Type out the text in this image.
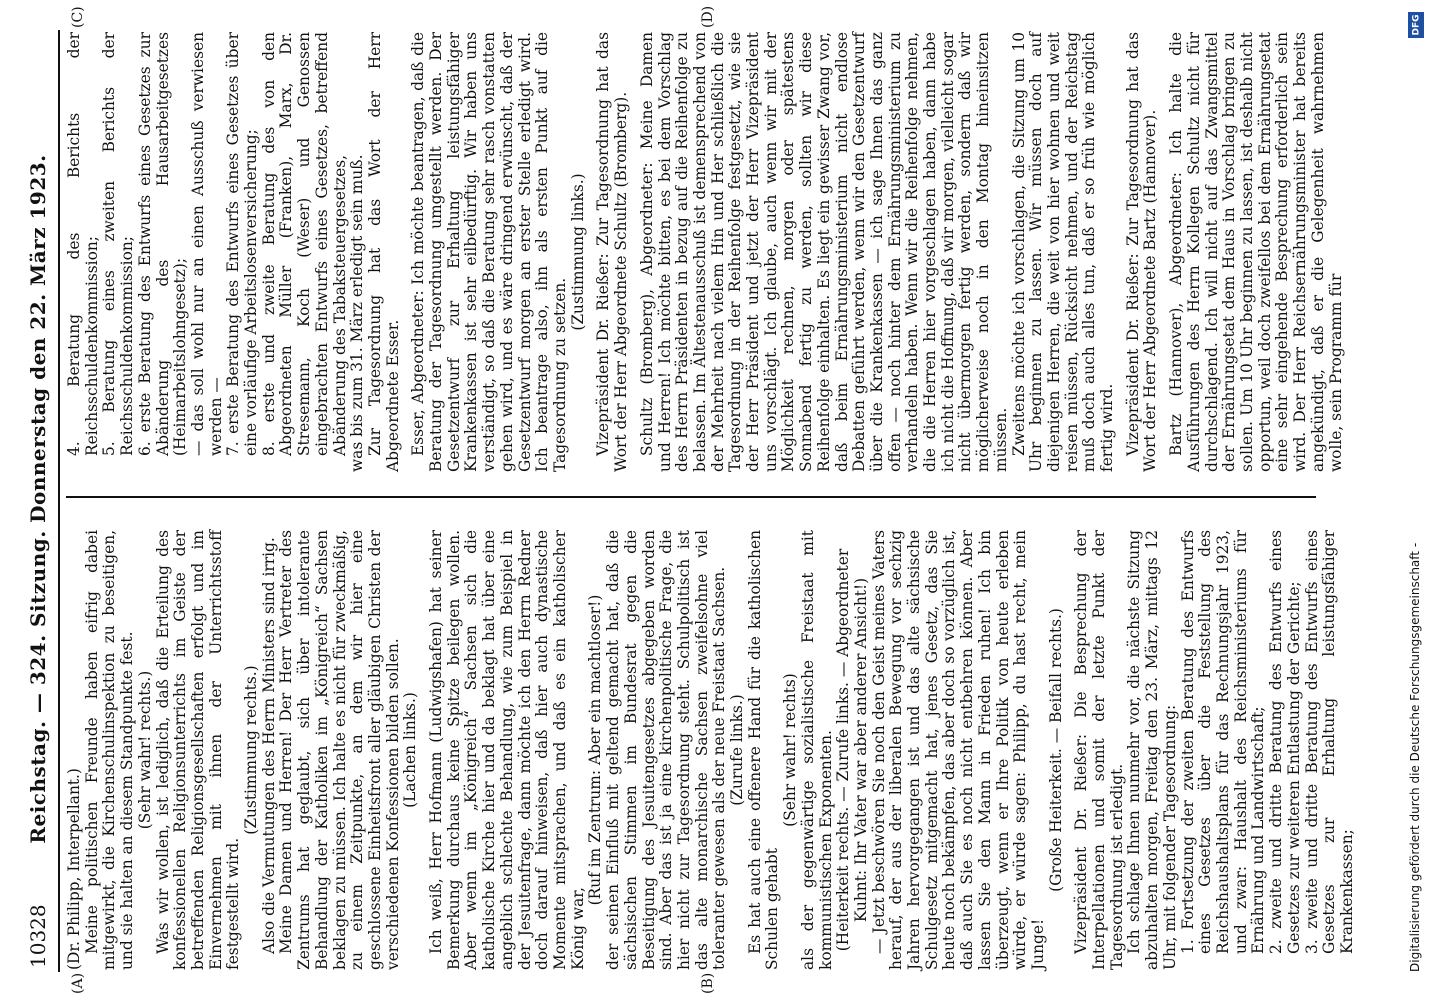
10328
Reichstag. — 324. Sitzung. Donnerstag den 22. März 1923.
(A)	(B)
(C)	(D)

(Dr. Philipp, Interpellant.) Meine politischen Freunde haben eifrig dabei mitgewirkt, die Kirchenschulinspektion zu beseitigen, und sie halten an diesem Standpunkte fest. (Sehr wahr! rechts.) Was wir wollen, ist lediglich, daß die Erteilung des konfessionellen Religionsunterrichts im Geiste der betreffenden Religionsgesellschaften erfolgt und im Einvernehmen mit ihnen der Unterrichtsstoff festgestellt wird.

(Zustimmung rechts.) Also die Vermutungen des Herrn Ministers sind irrig. Meine Damen und Herren! Der Herr Vertreter des Zentrums hat geglaubt, sich über intolerante Behandlung der Katholiken im „Königreich“ Sachsen beklagen zu müssen. Ich halte es nicht für zweckmäßig, zu einem Zeitpunkte, an dem wir hier eine geschlossene Einheitsfront aller gläubigen Christen der verschiedenen Konfessionen bilden sollen. (Lachen links.) Ich weiß, Herr Hofmann (Ludwigshafen) hat seiner Bemerkung durchaus keine Spitze beilegen wollen. Aber wenn im „Königreich“ Sachsen sich die katholische Kirche hier und da beklagt hat über eine angeblich schlechte Behandlung, wie zum Beispiel in der Jesuitenfrage, dann möchte ich den Herrn Redner doch darauf hinweisen, daß hier auch dynastische Momente mitsprachen, und daß es ein katholischer König war,

(Ruf im Zentrum: Aber ein machtloser!) der seinen Einfluß mit geltend gemacht hat, daß die sächsischen Stimmen im Bundesrat gegen die Beseitigung des Jesuitengesetzes abgegeben worden sind. Aber das ist ja eine kirchenpolitische Frage, die hier nicht zur Tagesordnung steht. Schulpolitisch ist das alte monarchische Sachsen zweifelsohne viel toleranter gewesen als der neue Freistaat Sachsen. (Zurufe links.) Es hat auch eine offenere Hand für die katholischen Schulen gehabt

(Sehr wahr! rechts) als der gegenwärtige sozialistische Freistaat mit kommunistischen Exponenten. (Heiterkeit rechts. — Zurufe links. — Abgeordneter Kuhnt: Ihr Vater war aber anderer Ansicht!) — Jetzt beschwören Sie noch den Geist meines Vaters herauf, der aus der liberalen Bewegung vor sechzig Jahren hervorgegangen ist und das alte sächsische Schulgesetz mitgemacht hat, jenes Gesetz, das Sie heute noch bekämpfen, das aber doch so vorzüglich ist, daß auch Sie es noch nicht entbehren können. Aber lassen Sie den Mann in Frieden ruhen! Ich bin überzeugt, wenn er Ihre Politik von heute erleben würde, er würde sagen: Philipp, du hast recht, mein Junge!

(Große Heiterkeit. — Beifall rechts.) Vizepräsident Dr. Rießer: Die Besprechung der Interpellationen und somit der letzte Punkt der Tagesordnung ist erledigt. Ich schlage Ihnen nunmehr vor, die nächste Sitzung abzuhalten morgen, Freitag den 23. März, mittags 12 Uhr, mit folgender Tagesordnung: 1. Fortsetzung der zweiten Beratung des Entwurfs eines Gesetzes über die Feststellung des Reichshaushaltsplans für das Rechnungsjahr 1923, und zwar: Haushalt des Reichsministeriums für Ernährung und Landwirtschaft; 2. zweite und dritte Beratung des Entwurfs eines Gesetzes zur weiteren Entlastung der Gerichte; 3. zweite und dritte Beratung des Entwurfs eines Gesetzes zur Erhaltung leistungsfähiger Krankenkassen;
4. Beratung des Berichts der Reichsschuldenkommission; 5. Beratung eines zweiten Berichts der Reichsschuldenkommission; 6. erste Beratung des Entwurfs eines Gesetzes zur Abänderung des Hausarbeitgesetzes (Heimarbeitslohngesetz); — das soll wohl nur an einen Ausschuß verwiesen werden — 7. erste Beratung des Entwurfs eines Gesetzes über eine vorläufige Arbeitslosenversicherung; 8. erste und zweite Beratung des von den Abgeordneten Müller (Franken), Marx, Dr. Stresemann, Koch (Weser) und Genossen eingebrachten Entwurfs eines Gesetzes, betreffend Abänderung des Tabaksteuergesetzes, was bis zum 31. März erledigt sein muß. Zur Tagesordnung hat das Wort der Herr Abgeordnete Esser. Esser, Abgeordneter: Ich möchte beantragen, daß die Beratung der Tagesordnung umgestellt werden. Der Gesetzentwurf zur Erhaltung leistungsfähiger Krankenkassen ist sehr eilbedürftig. Wir haben uns verständigt, so daß die Beratung sehr rasch vonstatten gehen wird, und es wäre dringend erwünscht, daß der Gesetzentwurf morgen an erster Stelle erledigt wird. Ich beantrage also, ihn als ersten Punkt auf die Tagesordnung zu setzen.

(Zustimmung links.) Vizepräsident Dr. Rießer: Zur Tagesordnung hat das Wort der Herr Abgeordnete Schultz (Bromberg). Schultz (Bromberg), Abgeordneter: Meine Damen und Herren! Ich möchte bitten, es bei dem Vorschlag des Herrn Präsidenten in bezug auf die Reihenfolge zu belassen. Im Ältestenausschuß ist demensprechend von der Mehrheit nach vielem Hin und Her schließlich die Tagesordnung in der Reihenfolge festgesetzt, wie sie der Herr Präsident und jetzt der Herr Vizepräsident uns vorschlägt. Ich glaube, auch wenn wir mit der Möglichkeit rechnen, morgen oder spätestens Sonnabend fertig zu werden, sollten wir diese Reihenfolge einhalten. Es liegt ein gewisser Zwang vor, daß beim Ernährungsministerium nicht endlose Debatten geführt werden, wenn wir den Gesetzentwurf über die Krankenkassen — ich sage Ihnen das ganz offen — noch hinter dem Ernährungsministerium zu verhandeln haben. Wenn wir die Reihenfolge nehmen, die die Herren hier vorgeschlagen haben, dann habe ich nicht die Hoffnung, daß wir morgen, vielleicht sogar nicht übermorgen fertig werden, sondern daß wir möglicherweise noch in den Montag hineinsitzen müssen. Zweitens möchte ich vorschlagen, die Sitzung um 10 Uhr beginnen zu lassen. Wir müssen doch auf diejenigen Herren, die weit von hier wohnen und weit reisen müssen, Rücksicht nehmen, und der Reichstag muß doch auch alles tun, daß er so früh wie möglich fertig wird. Vizepräsident Dr. Rießer: Zur Tagesordnung hat das Wort der Herr Abgeordnete Bartz (Hannover). Bartz (Hannover), Abgeordneter: Ich halte die Ausführungen des Herrn Kollegen Schultz nicht für durchschlagend. Ich will nicht auf das Zwangsmittel der Ernährungsetat dem Haus in Vorschlag bringen zu sollen. Um 10 Uhr beginnen zu lassen, ist deshalb nicht opportun, weil doch zweifellos bei dem Ernährungsetat eine sehr eingehende Besprechung erforderlich sein wird. Der Herr Reichsernährungsminister hat bereits angekündigt, daß er die Gelegenheit wahrnehmen wolle, sein Programm für

DFG
Digitalisierung gefördert durch die Deutsche Forschungsgemeinschaft -
